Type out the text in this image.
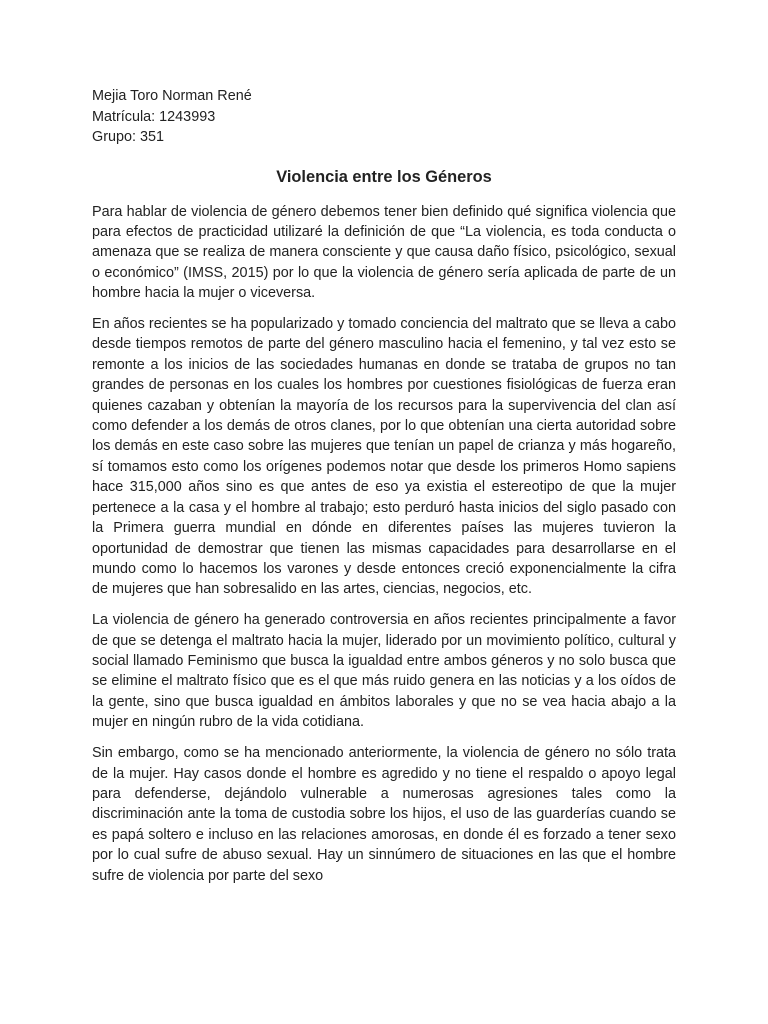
Mejia Toro Norman René

Matrícula: 1243993

Grupo: 351

Violencia entre los Géneros

Para hablar de violencia de género debemos tener bien definido qué significa violencia que para efectos de practicidad utilizaré la definición de que “La violencia, es toda conducta o amenaza que se realiza de manera consciente y que causa daño físico, psicológico, sexual o económico” (IMSS, 2015) por lo que la violencia de género sería aplicada de parte de un hombre hacia la mujer o viceversa.

En años recientes se ha popularizado y tomado conciencia del maltrato que se lleva a cabo desde tiempos remotos de parte del género masculino hacia el femenino, y tal vez esto se remonte a los inicios de las sociedades humanas en donde se trataba de grupos no tan grandes de personas en los cuales los hombres por cuestiones fisiológicas de fuerza eran quienes cazaban y obtenían la mayoría de los recursos para la supervivencia del clan así como defender a los demás de otros clanes, por lo que obtenían una cierta autoridad sobre los demás en este caso sobre las mujeres que tenían un papel de crianza y más hogareño, sí tomamos esto como los orígenes podemos notar que desde los primeros Homo sapiens hace 315,000 años sino es que antes de eso ya existia el estereotipo de que la mujer pertenece a la casa y el hombre al trabajo; esto perduró hasta inicios del siglo pasado con la Primera guerra mundial en dónde en diferentes países las mujeres tuvieron la oportunidad de demostrar que tienen las mismas capacidades para desarrollarse en el mundo como lo hacemos los varones y desde entonces creció exponencialmente la cifra de mujeres que han sobresalido en las artes, ciencias, negocios, etc.

La violencia de género ha generado controversia en años recientes principalmente a favor de que se detenga el maltrato hacia la mujer, liderado por un movimiento político, cultural y social llamado Feminismo que busca la igualdad entre ambos géneros y no solo busca que se elimine el maltrato físico que es el que más ruido genera en las noticias y a los oídos de la gente, sino que busca igualdad en ámbitos laborales y que no se vea hacia abajo a la mujer en ningún rubro de la vida cotidiana.

Sin embargo, como se ha mencionado anteriormente, la violencia de género no sólo trata de la mujer. Hay casos donde el hombre es agredido y no tiene el respaldo o apoyo legal para defenderse, dejándolo vulnerable a numerosas agresiones tales como la discriminación ante la toma de custodia sobre los hijos, el uso de las guarderías cuando se es papá soltero e incluso en las relaciones amorosas, en donde él es forzado a tener sexo por lo cual sufre de abuso sexual. Hay un sinnúmero de situaciones en las que el hombre sufre de violencia por parte del sexo
